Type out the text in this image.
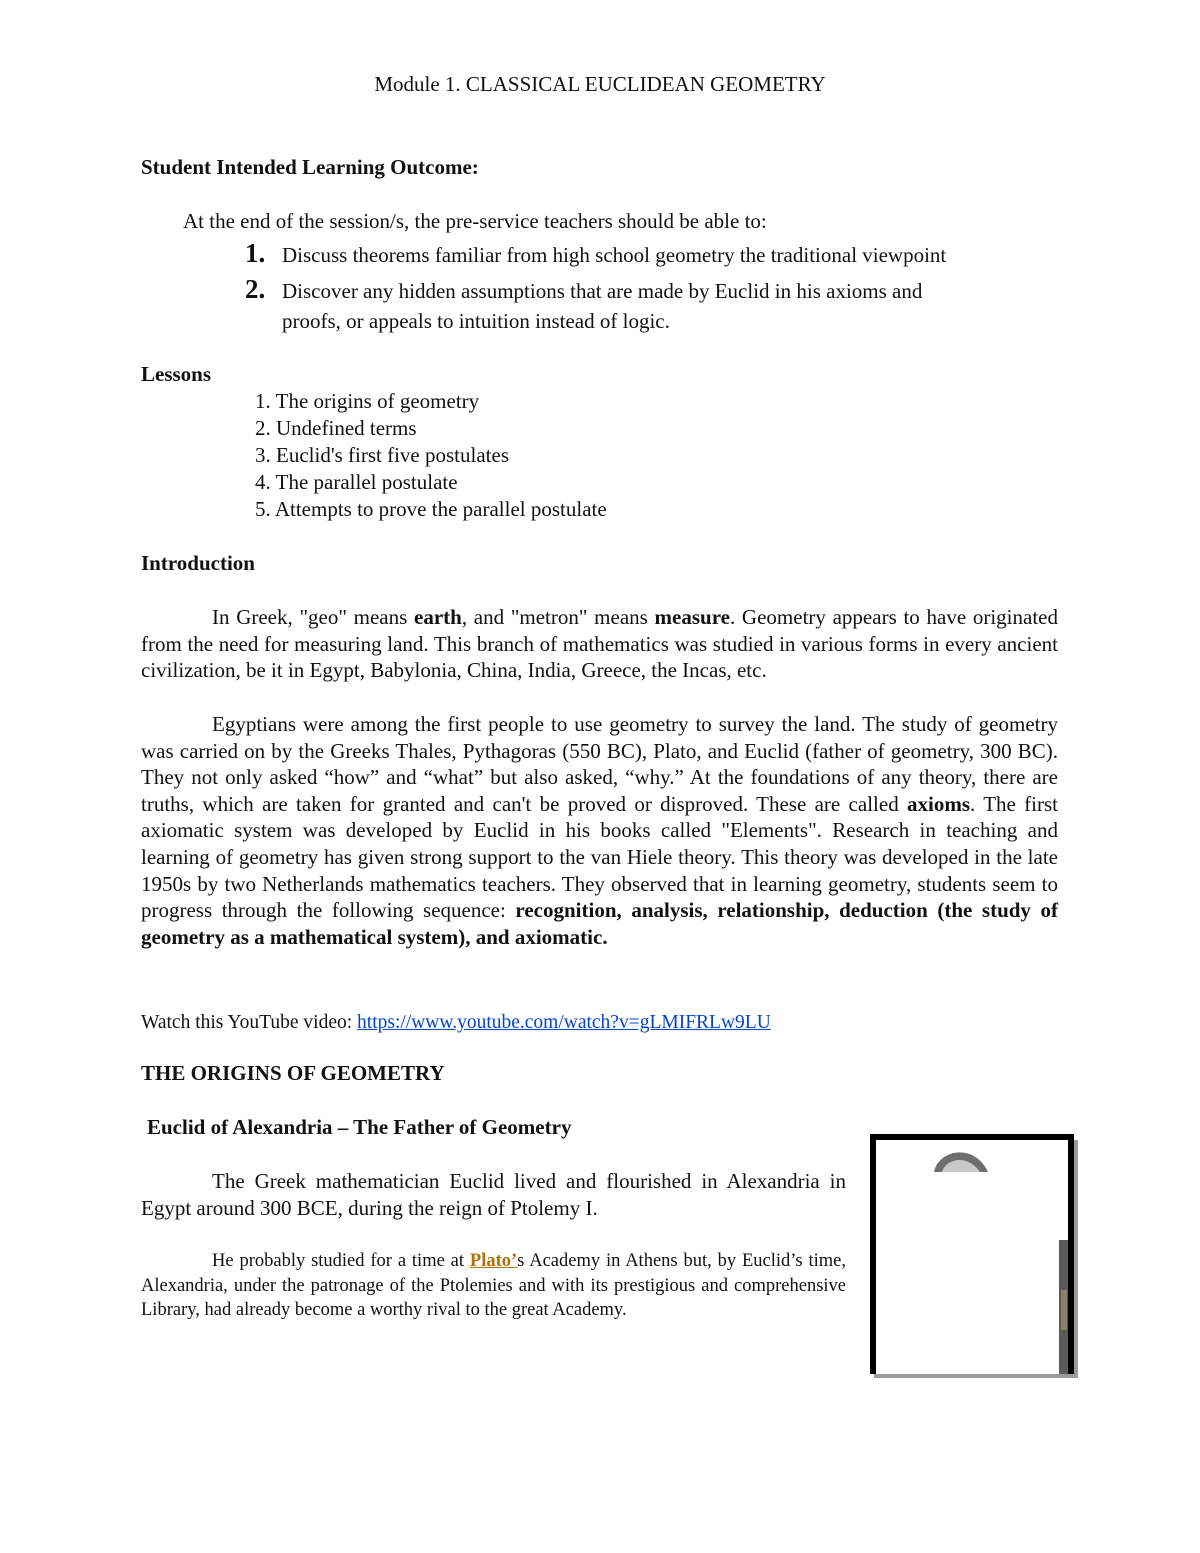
Module 1. CLASSICAL EUCLIDEAN GEOMETRY

Student Intended Learning Outcome:

At the end of the session/s, the pre-service teachers should be able to:

1. Discuss theorems familiar from high school geometry the traditional viewpoint

2. Discover any hidden assumptions that are made by Euclid in his axioms and

proofs, or appeals to intuition instead of logic.

Lessons

1. The origins of geometry

2. Undefined terms

3. Euclid's first five postulates

4. The parallel postulate

5. Attempts to prove the parallel postulate

Introduction

In Greek, "geo" means earth, and "metron" means measure. Geometry appears to have originated from the need for measuring land. This branch of mathematics was studied in various forms in every ancient civilization, be it in Egypt, Babylonia, China, India, Greece, the Incas, etc.

Egyptians were among the first people to use geometry to survey the land. The study of geometry was carried on by the Greeks Thales, Pythagoras (550 BC), Plato, and Euclid (father of geometry, 300 BC). They not only asked “how” and “what” but also asked, “why.” At the foundations of any theory, there are truths, which are taken for granted and can't be proved or disproved. These are called axioms. The first axiomatic system was developed by Euclid in his books called "Elements". Research in teaching and learning of geometry has given strong support to the van Hiele theory. This theory was developed in the late 1950s by two Netherlands mathematics teachers. They observed that in learning geometry, students seem to progress through the following sequence: recognition, analysis, relationship, deduction (the study of geometry as a mathematical system), and axiomatic.

Watch this YouTube video: https://www.youtube.com/watch?v=gLMIFRLw9LU

THE ORIGINS OF GEOMETRY

Euclid of Alexandria – The Father of Geometry

The Greek mathematician Euclid lived and flourished in Alexandria in Egypt around 300 BCE, during the reign of Ptolemy I.

He probably studied for a time at Plato’s Academy in Athens but, by Euclid’s time, Alexandria, under the patronage of the Ptolemies and with its prestigious and comprehensive Library, had already become a worthy rival to the great Academy.
